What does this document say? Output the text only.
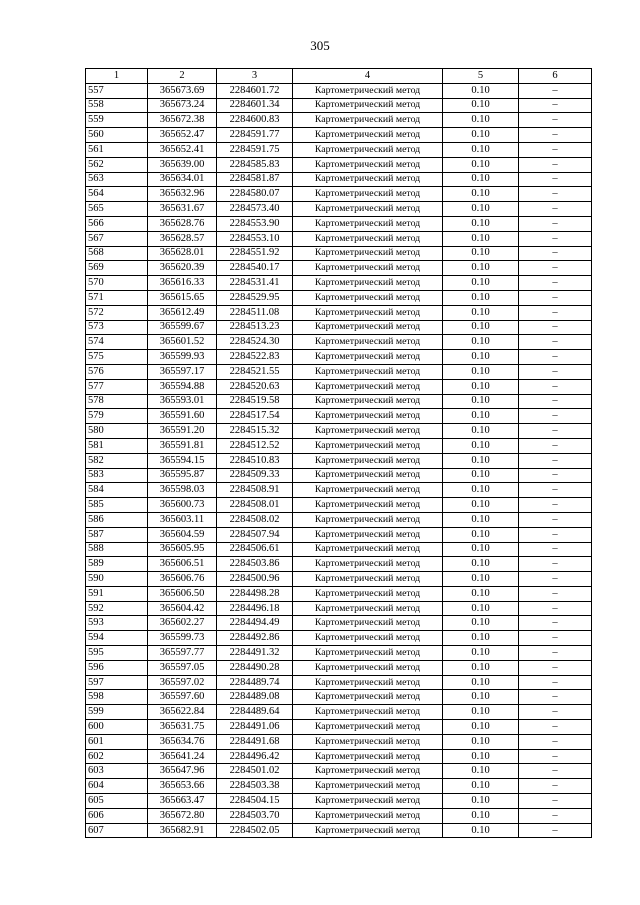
305
1	2	3	4	5	6
557	365673.69	2284601.72	Картометрический метод	0.10	–
558	365673.24	2284601.34	Картометрический метод	0.10	–
559	365672.38	2284600.83	Картометрический метод	0.10	–
560	365652.47	2284591.77	Картометрический метод	0.10	–
561	365652.41	2284591.75	Картометрический метод	0.10	–
562	365639.00	2284585.83	Картометрический метод	0.10	–
563	365634.01	2284581.87	Картометрический метод	0.10	–
564	365632.96	2284580.07	Картометрический метод	0.10	–
565	365631.67	2284573.40	Картометрический метод	0.10	–
566	365628.76	2284553.90	Картометрический метод	0.10	–
567	365628.57	2284553.10	Картометрический метод	0.10	–
568	365628.01	2284551.92	Картометрический метод	0.10	–
569	365620.39	2284540.17	Картометрический метод	0.10	–
570	365616.33	2284531.41	Картометрический метод	0.10	–
571	365615.65	2284529.95	Картометрический метод	0.10	–
572	365612.49	2284511.08	Картометрический метод	0.10	–
573	365599.67	2284513.23	Картометрический метод	0.10	–
574	365601.52	2284524.30	Картометрический метод	0.10	–
575	365599.93	2284522.83	Картометрический метод	0.10	–
576	365597.17	2284521.55	Картометрический метод	0.10	–
577	365594.88	2284520.63	Картометрический метод	0.10	–
578	365593.01	2284519.58	Картометрический метод	0.10	–
579	365591.60	2284517.54	Картометрический метод	0.10	–
580	365591.20	2284515.32	Картометрический метод	0.10	–
581	365591.81	2284512.52	Картометрический метод	0.10	–
582	365594.15	2284510.83	Картометрический метод	0.10	–
583	365595.87	2284509.33	Картометрический метод	0.10	–
584	365598.03	2284508.91	Картометрический метод	0.10	–
585	365600.73	2284508.01	Картометрический метод	0.10	–
586	365603.11	2284508.02	Картометрический метод	0.10	–
587	365604.59	2284507.94	Картометрический метод	0.10	–
588	365605.95	2284506.61	Картометрический метод	0.10	–
589	365606.51	2284503.86	Картометрический метод	0.10	–
590	365606.76	2284500.96	Картометрический метод	0.10	–
591	365606.50	2284498.28	Картометрический метод	0.10	–
592	365604.42	2284496.18	Картометрический метод	0.10	–
593	365602.27	2284494.49	Картометрический метод	0.10	–
594	365599.73	2284492.86	Картометрический метод	0.10	–
595	365597.77	2284491.32	Картометрический метод	0.10	–
596	365597.05	2284490.28	Картометрический метод	0.10	–
597	365597.02	2284489.74	Картометрический метод	0.10	–
598	365597.60	2284489.08	Картометрический метод	0.10	–
599	365622.84	2284489.64	Картометрический метод	0.10	–
600	365631.75	2284491.06	Картометрический метод	0.10	–
601	365634.76	2284491.68	Картометрический метод	0.10	–
602	365641.24	2284496.42	Картометрический метод	0.10	–
603	365647.96	2284501.02	Картометрический метод	0.10	–
604	365653.66	2284503.38	Картометрический метод	0.10	–
605	365663.47	2284504.15	Картометрический метод	0.10	–
606	365672.80	2284503.70	Картометрический метод	0.10	–
607	365682.91	2284502.05	Картометрический метод	0.10	–
